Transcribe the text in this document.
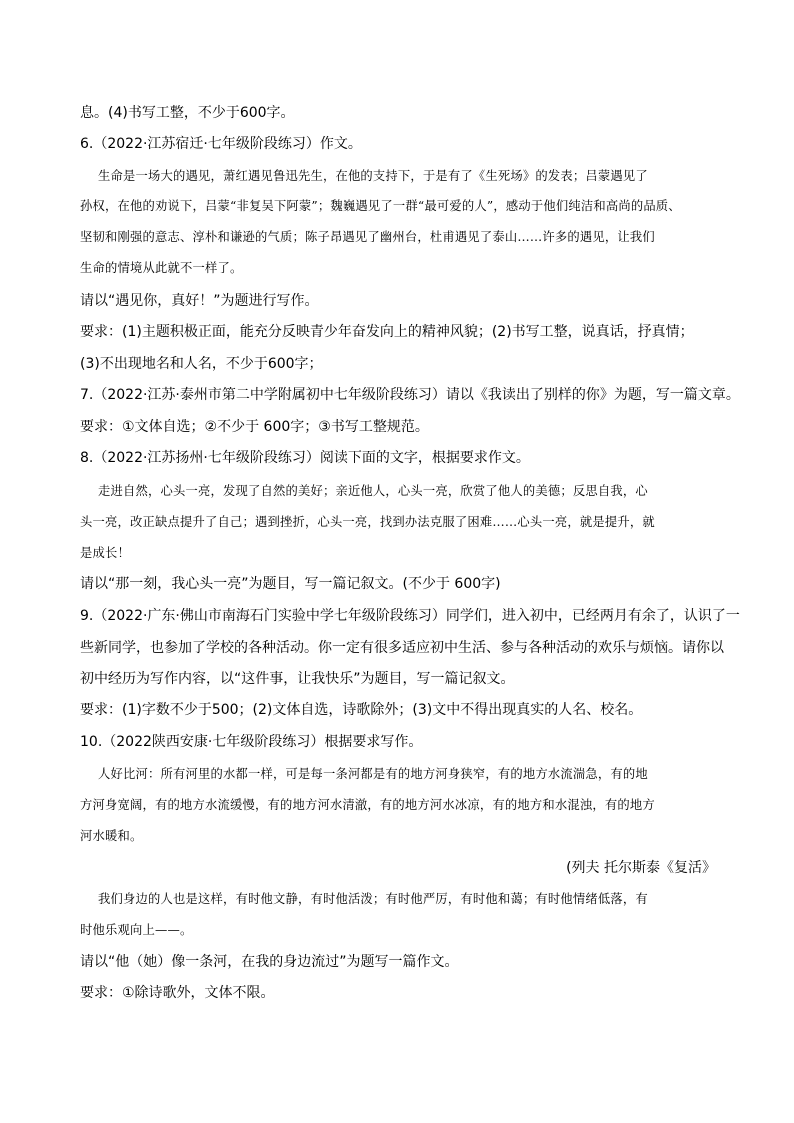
息。(4)书写工整，不少于600字。
6.（2022·江苏宿迁·七年级阶段练习）作文。
生命是一场大的遇见，萧红遇见鲁迅先生，在他的支持下，于是有了《生死场》的发表；吕蒙遇见了
孙权，在他的劝说下，吕蒙“非复吴下阿蒙”；魏巍遇见了一群“最可爱的人”，感动于他们纯洁和高尚的品质、
坚韧和刚强的意志、淳朴和谦逊的气质；陈子昂遇见了幽州台，杜甫遇见了泰山……许多的遇见，让我们
生命的情境从此就不一样了。
请以“遇见你，真好！”为题进行写作。
要求：(1)主题积极正面，能充分反映青少年奋发向上的精神风貌；(2)书写工整，说真话，抒真情；
(3)不出现地名和人名，不少于600字；
7.（2022·江苏·泰州市第二中学附属初中七年级阶段练习）请以《我读出了别样的你》为题，写一篇文章。
要求：①文体自选；②不少于 600字；③书写工整规范。
8.（2022·江苏扬州·七年级阶段练习）阅读下面的文字，根据要求作文。
走进自然，心头一亮，发现了自然的美好；亲近他人，心头一亮，欣赏了他人的美德；反思自我，心
头一亮，改正缺点提升了自己；遇到挫折，心头一亮，找到办法克服了困难……心头一亮，就是提升，就
是成长！
请以“那一刻，我心头一亮”为题目，写一篇记叙文。(不少于 600字)
9.（2022·广东·佛山市南海石门实验中学七年级阶段练习）同学们，进入初中，已经两月有余了，认识了一
些新同学，也参加了学校的各种活动。你一定有很多适应初中生活、参与各种活动的欢乐与烦恼。请你以
初中经历为写作内容，以“这件事，让我快乐”为题目，写一篇记叙文。
要求：(1)字数不少于500；(2)文体自选，诗歌除外；(3)文中不得出现真实的人名、校名。
10.（2022陕西安康·七年级阶段练习）根据要求写作。
人好比河：所有河里的水都一样，可是每一条河都是有的地方河身狭窄，有的地方水流湍急，有的地
方河身宽阔，有的地方水流缓慢，有的地方河水清澈，有的地方河水冰凉，有的地方和水混浊，有的地方
河水暖和。
(列夫 托尔斯泰《复活》
我们身边的人也是这样，有时他文静，有时他活泼；有时他严厉，有时他和蔼；有时他情绪低落，有
时他乐观向上——。
请以“他（她）像一条河，在我的身边流过”为题写一篇作文。
要求：①除诗歌外，文体不限。
